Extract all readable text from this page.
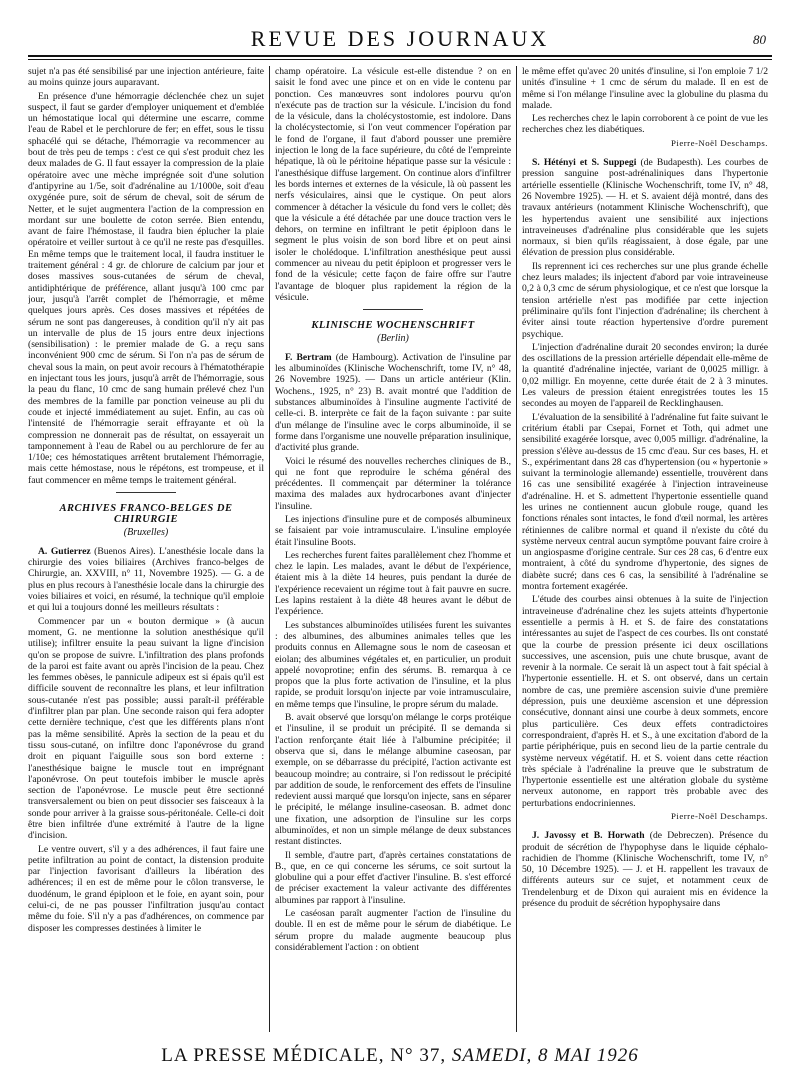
REVUE DES JOURNAUX	80

sujet n'a pas été sensibilisé par une injection antérieure, faite au moins quinze jours auparavant.

En présence d'une hémorragie déclenchée chez un sujet suspect, il faut se garder d'employer uniquement et d'emblée un hémostatique local qui détermine une escarre, comme l'eau de Rabel et le perchlorure de fer; en effet, sous le tissu sphacélé qui se détache, l'hémorragie va recommencer au bout de très peu de temps : c'est ce qui s'est produit chez les deux malades de G. Il faut essayer la compression de la plaie opératoire avec une mèche imprégnée soit d'une solution d'antipyrine au 1/5e, soit d'adrénaline au 1/1000e, soit d'eau oxygénée pure, soit de sérum de cheval, soit de sérum de Netter, et le sujet augmentera l'action de la compression en mordant sur une boulette de coton serrée. Bien entendu, avant de faire l'hémostase, il faudra bien éplucher la plaie opératoire et veiller surtout à ce qu'il ne reste pas d'esquilles. En même temps que le traitement local, il faudra instituer le traitement général : 4 gr. de chlorure de calcium par jour et doses massives sous-cutanées de sérum de cheval, antidiphtérique de préférence, allant jusqu'à 100 cmc par jour, jusqu'à l'arrêt complet de l'hémorragie, et même quelques jours après. Ces doses massives et répétées de sérum ne sont pas dangereuses, à condition qu'il n'y ait pas un intervalle de plus de 15 jours entre deux injections (sensibilisation) : le premier malade de G. a reçu sans inconvénient 900 cmc de sérum. Si l'on n'a pas de sérum de cheval sous la main, on peut avoir recours à l'hématothérapie en injectant tous les jours, jusqu'à arrêt de l'hémorragie, sous la peau du flanc, 10 cmc de sang humain prélevé chez l'un des membres de la famille par ponction veineuse au pli du coude et injecté immédiatement au sujet. Enfin, au cas où l'intensité de l'hémorragie serait effrayante et où la compression ne donnerait pas de résultat, on essayerait un tamponnement à l'eau de Rabel ou au perchlorure de fer au 1/10e; ces hémostatiques arrêtent brutalement l'hémorragie, mais cette hémostase, nous le répétons, est trompeuse, et il faut commencer en même temps le traitement général.

ARCHIVES FRANCO-BELGES DE CHIRURGIE
(Bruxelles)

A. Gutierrez (Buenos Aires). L'anesthésie locale dans la chirurgie des voies biliaires (Archives franco-belges de Chirurgie, an. XXVIII, n° 11, Novembre 1925). — G. a de plus en plus recours à l'anesthésie locale dans la chirurgie des voies biliaires et voici, en résumé, la technique qu'il emploie et qui lui a toujours donné les meilleurs résultats :

Commencer par un « bouton dermique » (à aucun moment, G. ne mentionne la solution anesthésique qu'il utilise); infiltrer ensuite la peau suivant la ligne d'incision qu'on se propose de suivre. L'infiltration des plans profonds de la paroi est faite avant ou après l'incision de la peau. Chez les femmes obèses, le pannicule adipeux est si épais qu'il est difficile souvent de reconnaître les plans, et leur infiltration sous-cutanée n'est pas possible; aussi paraît-il préférable d'infiltrer plan par plan. Une seconde raison qui fera adopter cette dernière technique, c'est que les différents plans n'ont pas la même sensibilité. Après la section de la peau et du tissu sous-cutané, on infiltre donc l'aponévrose du grand droit en piquant l'aiguille sous son bord externe : l'anesthésique baigne le muscle tout en imprégnant l'aponévrose. On peut toutefois imbiber le muscle après section de l'aponévrose. Le muscle peut être sectionné transversalement ou bien on peut dissocier ses faisceaux à la sonde pour arriver à la graisse sous-péritonéale. Celle-ci doit être bien infiltrée d'une extrémité à l'autre de la ligne d'incision.

Le ventre ouvert, s'il y a des adhérences, il faut faire une petite infiltration au point de contact, la distension produite par l'injection favorisant d'ailleurs la libération des adhérences; il en est de même pour le côlon transverse, le duodénum, le grand épiploon et le foie, en ayant soin, pour celui-ci, de ne pas pousser l'infiltration jusqu'au contact même du foie. S'il n'y a pas d'adhérences, on commence par disposer les compresses destinées à limiter le

champ opératoire. La vésicule est-elle distendue ? on en saisit le fond avec une pince et on en vide le contenu par ponction. Ces manœuvres sont indolores pourvu qu'on n'exécute pas de traction sur la vésicule. L'incision du fond de la vésicule, dans la cholécystostomie, est indolore. Dans la cholécystectomie, si l'on veut commencer l'opération par le fond de l'organe, il faut d'abord pousser une première injection le long de la face supérieure, du côté de l'empreinte hépatique, là où le péritoine hépatique passe sur la vésicule : l'anesthésique diffuse largement. On continue alors d'infiltrer les bords internes et externes de la vésicule, là où passent les nerfs vésiculaires, ainsi que le cystique. On peut alors commencer à détacher la vésicule du fond vers le collet; dès que la vésicule a été détachée par une douce traction vers le dehors, on termine en infiltrant le petit épiploon dans le segment le plus voisin de son bord libre et on peut ainsi isoler le cholédoque. L'infiltration anesthésique peut aussi commencer au niveau du petit épiploon et progresser vers le fond de la vésicule; cette façon de faire offre sur l'autre l'avantage de bloquer plus rapidement la région de la vésicule.

KLINISCHE WOCHENSCHRIFT
(Berlin)

F. Bertram (de Hambourg). Activation de l'insuline par les albuminoïdes (Klinische Wochenschrift, tome IV, n° 48, 26 Novembre 1925). — Dans un article antérieur (Klin. Wochens., 1925, n° 23) B. avait montré que l'addition de substances albuminoïdes à l'insuline augmente l'activité de celle-ci. B. interprète ce fait de la façon suivante : par suite d'un mélange de l'insuline avec le corps albuminoïde, il se forme dans l'organisme une nouvelle préparation insulinique, d'activité plus grande.

Voici le résumé des nouvelles recherches cliniques de B., qui ne font que reproduire le schéma général des précédentes. Il commençait par déterminer la tolérance maxima des malades aux hydrocarbones avant d'injecter l'insuline.

Les injections d'insuline pure et de composés albumineux se faisaient par voie intramusculaire. L'insuline employée était l'insuline Boots.

Les recherches furent faites parallèlement chez l'homme et chez le lapin. Les malades, avant le début de l'expérience, étaient mis à la diète 14 heures, puis pendant la durée de l'expérience recevaient un régime tout à fait pauvre en sucre. Les lapins restaient à la diète 48 heures avant le début de l'expérience.

Les substances albuminoïdes utilisées furent les suivantes : des albumines, des albumines animales telles que les produits connus en Allemagne sous le nom de caseosan et eiolan; des albumines végétales et, en particulier, un produit appelé novoprotine; enfin des sérums. B. remarqua à ce propos que la plus forte activation de l'insuline, et la plus rapide, se produit lorsqu'on injecte par voie intramusculaire, en même temps que l'insuline, le propre sérum du malade.

B. avait observé que lorsqu'on mélange le corps protéique et l'insuline, il se produit un précipité. Il se demanda si l'action renforçante était liée à l'albumine précipitée; il observa que si, dans le mélange albumine caseosan, par exemple, on se débarrasse du précipité, l'action activante est beaucoup moindre; au contraire, si l'on redissout le précipité par addition de soude, le renforcement des effets de l'insuline redevient aussi marqué que lorsqu'on injecte, sans en séparer le précipité, le mélange insuline-caseosan. B. admet donc une fixation, une adsorption de l'insuline sur les corps albuminoïdes, et non un simple mélange de deux substances restant distinctes.

Il semble, d'autre part, d'après certaines constatations de B., que, en ce qui concerne les sérums, ce soit surtout la globuline qui a pour effet d'activer l'insuline. B. s'est efforcé de préciser exactement la valeur activante des différentes albumines par rapport à l'insuline.

Le caséosan paraît augmenter l'action de l'insuline du double. Il en est de même pour le sérum de diabétique. Le sérum propre du malade augmente beaucoup plus considérablement l'action : on obtient

le même effet qu'avec 20 unités d'insuline, si l'on emploie 7 1/2 unités d'insuline + 1 cmc de sérum du malade. Il en est de même si l'on mélange l'insuline avec la globuline du plasma du malade.

Les recherches chez le lapin corroborent à ce point de vue les recherches chez les diabétiques.

Pierre-Noël Deschamps.

S. Hétényi et S. Suppegi (de Budapesth). Les courbes de pression sanguine post-adrénaliniques dans l'hypertonie artérielle essentielle (Klinische Wochenschrift, tome IV, n° 48, 26 Novembre 1925). — H. et S. avaient déjà montré, dans des travaux antérieurs (notamment Klinische Wochenschrift), que les hypertendus avaient une sensibilité aux injections intraveineuses d'adrénaline plus considérable que les sujets normaux, si bien qu'ils réagissaient, à dose égale, par une élévation de pression plus considérable.

Ils reprennent ici ces recherches sur une plus grande échelle chez leurs malades; ils injectent d'abord par voie intraveineuse 0,2 à 0,3 cmc de sérum physiologique, et ce n'est que lorsque la tension artérielle n'est pas modifiée par cette injection préliminaire qu'ils font l'injection d'adrénaline; ils cherchent à éviter ainsi toute réaction hypertensive d'ordre purement psychique.

L'injection d'adrénaline durait 20 secondes environ; la durée des oscillations de la pression artérielle dépendait elle-même de la quantité d'adrénaline injectée, variant de 0,0025 milligr. à 0,02 milligr. En moyenne, cette durée était de 2 à 3 minutes. Les valeurs de pression étaient enregistrées toutes les 15 secondes au moyen de l'appareil de Recklinghausen.

L'évaluation de la sensibilité à l'adrénaline fut faite suivant le critérium établi par Csepai, Fornet et Toth, qui admet une sensibilité exagérée lorsque, avec 0,005 milligr. d'adrénaline, la pression s'élève au-dessus de 15 cmc d'eau. Sur ces bases, H. et S., expérimentant dans 28 cas d'hypertension (ou « hypertonie » suivant la terminologie allemande) essentielle, trouvèrent dans 16 cas une sensibilité exagérée à l'injection intraveineuse d'adrénaline. H. et S. admettent l'hypertonie essentielle quand les urines ne contiennent aucun globule rouge, quand les fonctions rénales sont intactes, le fond d'œil normal, les artères rétiniennes de calibre normal et quand il n'existe du côté du système nerveux central aucun symptôme pouvant faire croire à un angiospasme d'origine centrale. Sur ces 28 cas, 6 d'entre eux montraient, à côté du syndrome d'hypertonie, des signes de diabète sucré; dans ces 6 cas, la sensibilité à l'adrénaline se montra fortement exagérée.

L'étude des courbes ainsi obtenues à la suite de l'injection intraveineuse d'adrénaline chez les sujets atteints d'hypertonie essentielle a permis à H. et S. de faire des constatations intéressantes au sujet de l'aspect de ces courbes. Ils ont constaté que la courbe de pression présente ici deux oscillations successives, une ascension, puis une chute brusque, avant de revenir à la normale. Ce serait là un aspect tout à fait spécial à l'hypertonie essentielle. H. et S. ont observé, dans un certain nombre de cas, une première ascension suivie d'une première dépression, puis une deuxième ascension et une dépression consécutive, donnant ainsi une courbe à deux sommets, encore plus particulière. Ces deux effets contradictoires correspondraient, d'après H. et S., à une excitation d'abord de la partie périphérique, puis en second lieu de la partie centrale du système nerveux végétatif. H. et S. voient dans cette réaction très spéciale à l'adrénaline la preuve que le substratum de l'hypertonie essentielle est une altération globale du système nerveux autonome, en rapport très probable avec des perturbations endocriniennes.

Pierre-Noël Deschamps.

J. Javossy et B. Horwath (de Debreczen). Présence du produit de sécrétion de l'hypophyse dans le liquide céphalo-rachidien de l'homme (Klinische Wochenschrift, tome IV, n° 50, 10 Décembre 1925). — J. et H. rappellent les travaux de différents auteurs sur ce sujet, et notamment ceux de Trendelenburg et de Dixon qui auraient mis en évidence la présence du produit de sécrétion hypophysaire dans

LA PRESSE MÉDICALE, N° 37, SAMEDI, 8 MAI 1926
